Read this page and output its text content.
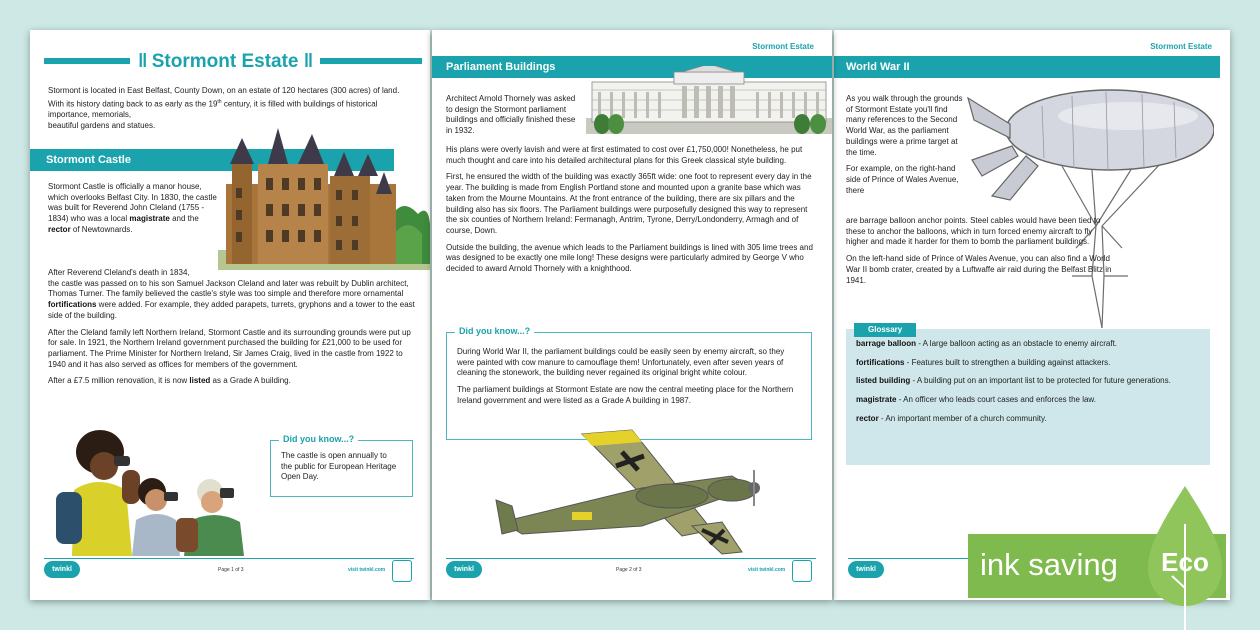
‖ Stormont Estate ‖
Stormont is located in East Belfast, County Down, on an estate of 120 hectares (300 acres) of land. With its history dating back to as early as the 19th century, it is filled with buildings of historical importance, memorials,
beautiful gardens and statues.
Stormont Castle

Stormont Castle is officially a manor house, which overlooks Belfast City. In 1830, the castle was built for Reverend John Cleland (1755 - 1834) who was a local magistrate and the rector of Newtownards.

After Reverend Cleland's death in 1834,
the castle was passed on to his son Samuel Jackson Cleland and later was rebuilt by Dublin architect, Thomas Turner. The family believed the castle's style was too simple and therefore more ornamental fortifications were added. For example, they added parapets, turrets, gryphons and a tower to the east side of the building.

After the Cleland family left Northern Ireland, Stormont Castle and its surrounding grounds were put up for sale. In 1921, the Northern Ireland government purchased the building for £21,000 to be used for parliament. The Prime Minister for Northern Ireland, Sir James Craig, lived in the castle from 1922 to 1940 and it has also served as offices for members of the government.

After a £7.5 million renovation, it is now listed as a Grade A building.

Did you know...?
The castle is open annually to the public for European Heritage Open Day.
twinkl	Page 1 of 3	visit twinkl.com
Stormont Estate
Parliament Buildings
Architect Arnold Thornely was asked to design the Stormont parliament buildings and officially finished these in 1932.

His plans were overly lavish and were at first estimated to cost over £1,750,000! Nonetheless, he put much thought and care into his detailed architectural plans for this Greek classical style building.

First, he ensured the width of the building was exactly 365ft wide: one foot to represent every day in the year. The building is made from English Portland stone and mounted upon a granite base which was taken from the Mourne Mountains. At the front entrance of the building, there are six pillars and the building also has six floors. The Parliament buildings were purposefully designed this way to represent the six counties of Northern Ireland: Fermanagh, Antrim, Tyrone, Derry/Londonderry, Armagh and of course, Down.

Outside the building, the avenue which leads to the Parliament buildings is lined with 305 lime trees and was designed to be exactly one mile long! These designs were particularly admired by George V who decided to award Arnold Thornely with a knighthood.

Did you know...?

During World War II, the parliament buildings could be easily seen by enemy aircraft, so they were painted with cow manure to camouflage them! Unfortunately, even after seven years of cleaning the stonework, the building never regained its original bright white colour.

The parliament buildings at Stormont Estate are now the central meeting place for the Northern Ireland government and were listed as a Grade A building in 1987.

twinkl	Page 2 of 3	visit twinkl.com
Stormont Estate
World War II

As you walk through the grounds of Stormont Estate you'll find many references to the Second World War, as the parliament buildings were a prime target at the time.

For example, on the right-hand side of Prince of Wales Avenue, there

are barrage balloon anchor points. Steel cables would have been tied to these to anchor the balloons, which in turn forced enemy aircraft to fly higher and made it harder for them to bomb the parliament buildings.

On the left-hand side of Prince of Wales Avenue, you can also find a World War II bomb crater, created by a Luftwaffe air raid during the Belfast Blitz in 1941.

Glossary

barrage balloon - A large balloon acting as an obstacle to enemy aircraft.

fortifications - Features built to strengthen a building against attackers.

listed building - A building put on an important list to be protected for future generations.

magistrate - An officer who leads court cases and enforces the law.

rector - An important member of a church community.

twinkl	ink saving	Eco
